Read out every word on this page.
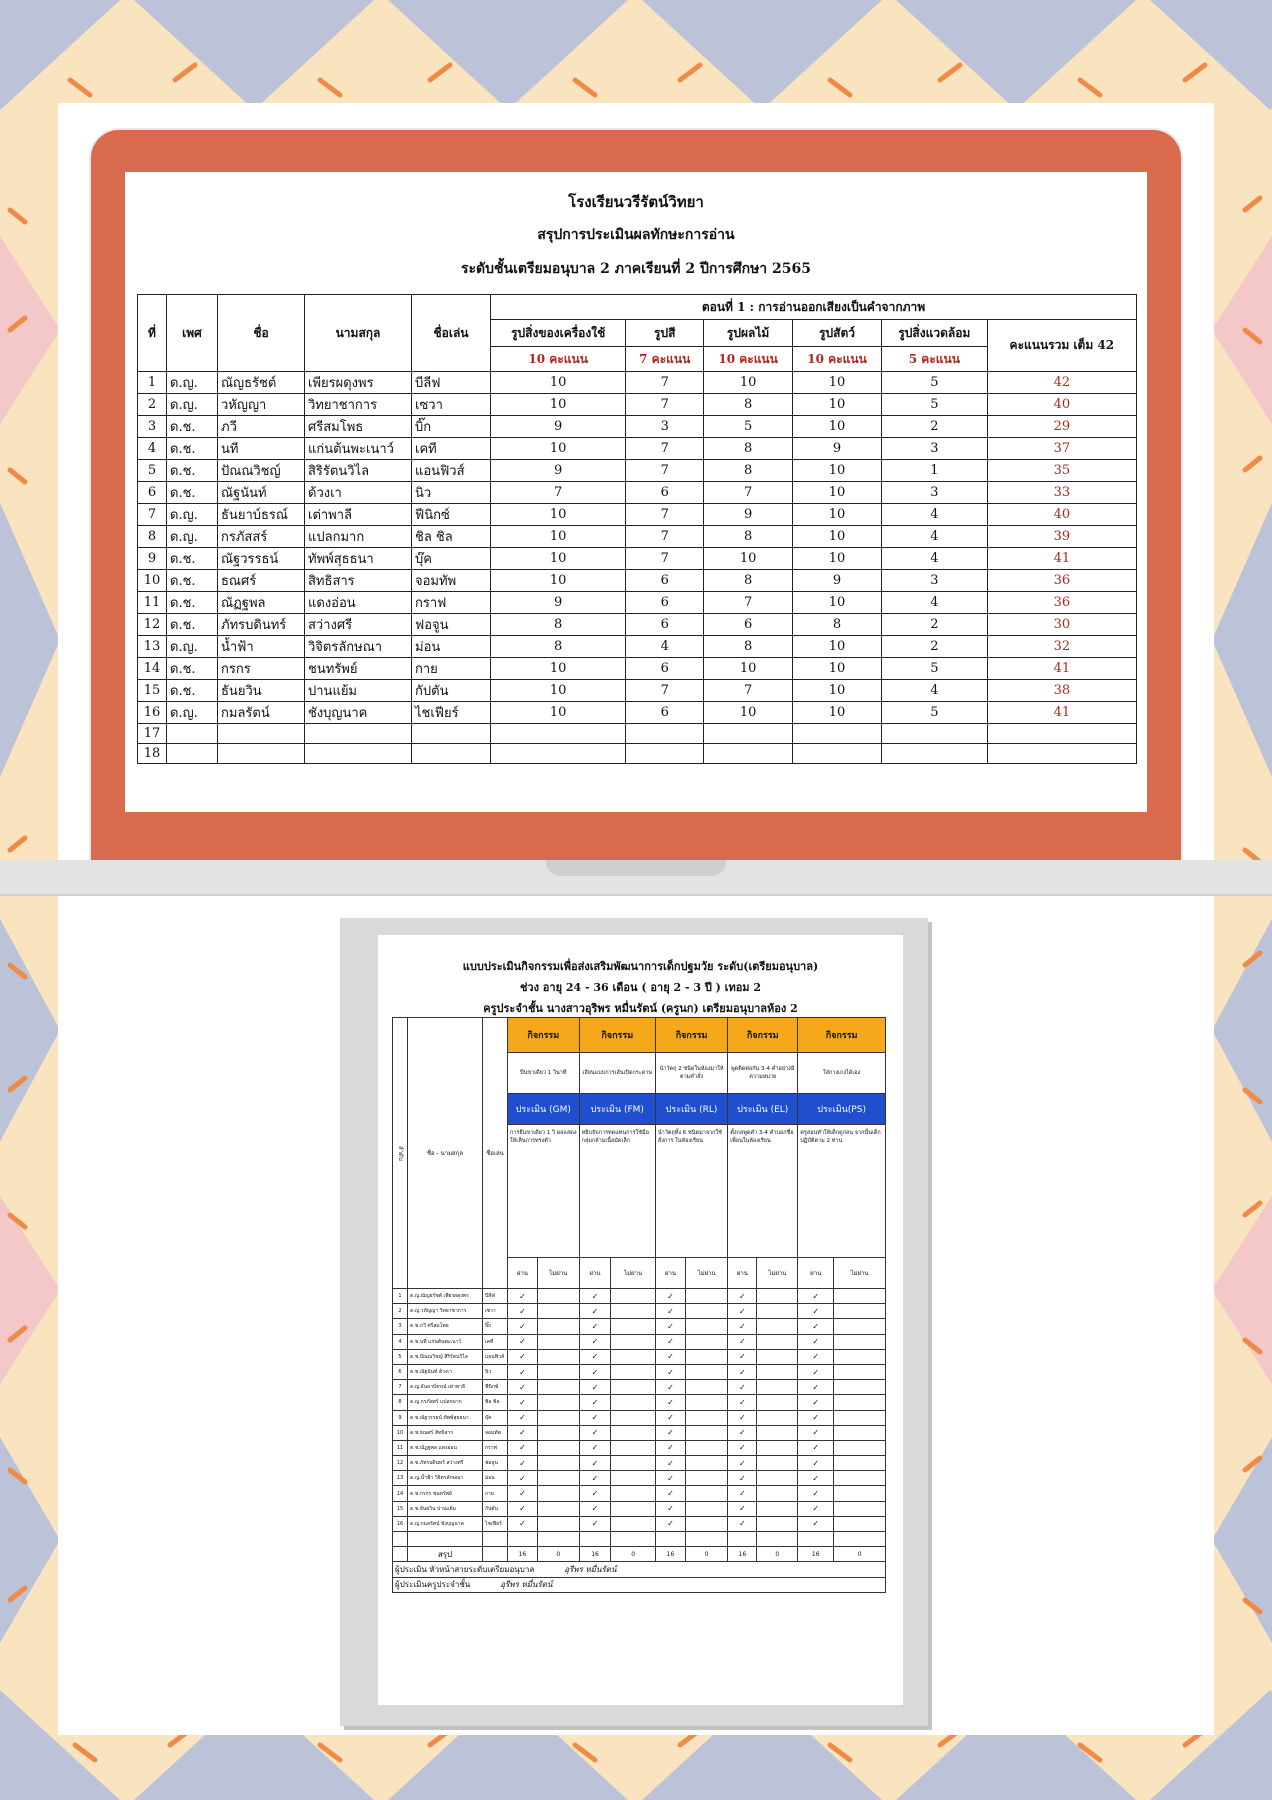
โรงเรียนวรีรัตน์วิทยา
สรุปการประเมินผลทักษะการอ่าน
ระดับชั้นเตรียมอนุบาล 2 ภาคเรียนที่ 2 ปีการศึกษา 2565
ที่	เพศ	ชื่อ	นามสกุล	ชื่อเล่น	ตอนที่ 1 : การอ่านออกเสียงเป็นคำจากภาพ					
					รูปสิ่งของเครื่องใช้	รูปสี	รูปผลไม้	รูปสัตว์	รูปสิ่งแวดล้อม	คะแนนรวม เต็ม 42
					10 คะแนน	7 คะแนน	10 คะแนน	10 คะแนน	5 คะแนน	
1	ด.ญ.	ณัญธรัชต์	เพียรผดุงพร	บีลีฟ	10	7	10	10	5	42
2	ด.ญ.	วหัญญา	วิทยาชาการ	เซวา	10	7	8	10	5	40
3	ด.ช.	ภวี	ศรีสมโพธ	บิ๊ก	9	3	5	10	2	29
4	ด.ช.	นที	แก่นต้นพะเนาว์	เคที	10	7	8	9	3	37
5	ด.ช.	ปัณณวิชญ์	สิริรัตนวิไล	แอนฟิวส์	9	7	8	10	1	35
6	ด.ช.	ณัฐนันท์	ด้วงเา	นิว	7	6	7	10	3	33
7	ด.ญ.	ธันยาบ์ธรณ์	เต่าพาลี	ฟีนิกซ์	10	7	9	10	4	40
8	ด.ญ.	กรภัสสร์	แปลกมาก	ชิล ชิล	10	7	8	10	4	39
9	ด.ช.	ณัฐวรรธน์	ทัพพ์สุธธนา	บุ๊ค	10	7	10	10	4	41
10	ด.ช.	ธณศร์	สิทธิสาร	จอมทัพ	10	6	8	9	3	36
11	ด.ช.	ณัฏฐพล	แดงอ่อน	กราฟ	9	6	7	10	4	36
12	ด.ช.	ภัทรบดินทร์	สว่างศรี	ฟอจูน	8	6	6	8	2	30
13	ด.ญ.	น้ำฟ้า	วิจิตรลักษณา	ม่อน	8	4	8	10	2	32
14	ด.ช.	กรกร	ชนทรัพย์	กาย	10	6	10	10	5	41
15	ด.ช.	ธันยวิน	ปานแย้ม	กัปตัน	10	7	7	10	4	38
16	ด.ญ.	กมลรัตน์	ชังบุญนาค	ไชเฟียร์	10	6	10	10	5	41
17										
18										
แบบประเมินกิจกรรมเพื่อส่งเสริมพัฒนาการเด็กปฐมวัย ระดับ(เตรียมอนุบาล)
ช่วง อายุ 24 - 36 เดือน ( อายุ 2 - 3 ปี ) เทอม 2
ครูประจำชั้น นางสาวอุริพร หมื่นรัตน์ (ครูนก) เตรียมอนุบาลห้อง 2
ลำดับ	ชื่อ - นามสกุล	ชื่อเล่น	กิจกรรม		กิจกรรม		กิจกรรม		กิจกรรม		กิจกรรม	
			ปีนขาเดียว 1 วินาที		เลียนแบบการเส้นเปิดกระดาษ		นำวัตถุ 2 ชนิดในห้องมาให้ตามคำสั่ง		พูดติดต่อกัน 3-4 คำอย่างมีความหมาย		ใส่กางเกงได้เอง	
			ประเมิน (GM)		ประเมิน (FM)		ประเมิน (RL)		ประเมิน (EL)		ประเมิน(PS)	
			การยืนขาเดียว 1 วิ ผลแสดงให้เห็นการทรงตัว		หยิบจับการทดแทนการใช้มือ กลุ่มกล้ามเนื้อมัดเล็ก		นำวัตถุทั้ง 6 ชนิดมาจากใช้สั่งการ ในห้องเรียน		ตั้งกลพูดคำ 3-4 คำบอกชื่อเพื่อนในห้องเรียน		ครูสอนทำให้เด็กดูก่อน จากนั้นเด็กปฏิบัติตาม 2 ท่าน	
			ผ่าน	ไม่ผ่าน	ผ่าน	ไม่ผ่าน	ผ่าน	ไม่ผ่าน	ผ่าน	ไม่ผ่าน	ผ่าน	ไม่ผ่าน
1	ด.ญ.ณัญธรัชต์ เพียรผดุงพร	บีลีฟ	✓		✓		✓		✓		✓	
2	ด.ญ.วหัญญา วิทยาชาการ	เซวา	✓		✓		✓		✓		✓	
3	ด.ช.ภวี ศรีสมโพธ	บิ๊ก	✓		✓		✓		✓		✓	
4	ด.ช.นที แก่นต้นพะเนาว์	เคที	✓		✓		✓		✓		✓	
5	ด.ช.ปัณณวิชญ์ สิริรัตนวิไล	แอนฟิวส์	✓		✓		✓		✓		✓	
6	ด.ช.ณัฐนันท์ ด้วงเา	นิว	✓		✓		✓		✓		✓	
7	ด.ญ.ธันยาบ์ธรณ์ เต่าพาลี	ฟีนิกซ์	✓		✓		✓		✓		✓	
8	ด.ญ.กรภัสสร์ แปลกมาก	ชิล ชิล	✓		✓		✓		✓		✓	
9	ด.ช.ณัฐวรรธน์ ทัพพ์สุธธนา	บุ๊ค	✓		✓		✓		✓		✓	
10	ด.ช.ธณศร์ สิทธิสาร	จอมทัพ	✓		✓		✓		✓		✓	
11	ด.ช.ณัฏฐพล แดงอ่อน	กราฟ	✓		✓		✓		✓		✓	
12	ด.ช.ภัทรบดินทร์ สว่างศรี	ฟอจูน	✓		✓		✓		✓		✓	
13	ด.ญ.น้ำฟ้า วิจิตรลักษณา	ม่อน	✓		✓		✓		✓		✓	
14	ด.ช.กรกร ชนทรัพย์	กาย	✓		✓		✓		✓		✓	
15	ด.ช.ธันยวิน ปานแย้ม	กัปตัน	✓		✓		✓		✓		✓	
16	ด.ญ.กมลรัตน์ ชังบุญนาค	ไชเฟียร์	✓		✓		✓		✓		✓	

	สรุป		16	0	16	0	16	0	16	0	16	0
ผู้ประเมิน หัวหน้าสายระดับเตรียมอนุบาล อุรีพร หมื่นรัตน์												
ผู้ประเมินครูประจำชั้น อุรีพร หมื่นรัตน์												
